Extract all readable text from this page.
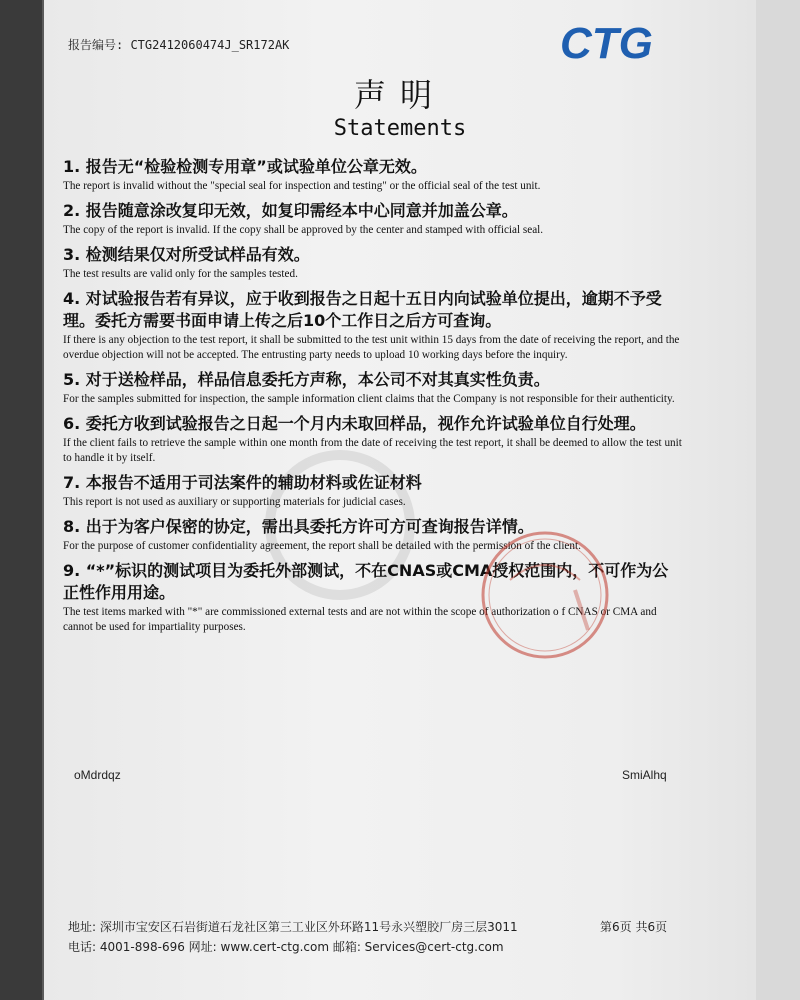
报告编号: CTG2412060474J_SR172AK	CTG
声明
Statements
1. 报告无“检验检测专用章”或试验单位公章无效。
The report is invalid without the "special seal for inspection and testing" or the official seal of the test unit.
2. 报告随意涂改复印无效，如复印需经本中心同意并加盖公章。
The copy of the report is invalid. If the copy shall be approved by the center and stamped with official seal.
3. 检测结果仅对所受试样品有效。
The test results are valid only for the samples tested.
4. 对试验报告若有异议，应于收到报告之日起十五日内向试验单位提出，逾期不予受理。委托方需要书面申请上传之后10个工作日之后方可查询。
If there is any objection to the test report, it shall be submitted to the test unit within 15 days from the date of receiving the report, and the overdue objection will not be accepted. The entrusting party needs to upload 10 working days before the inquiry.
5. 对于送检样品，样品信息委托方声称，本公司不对其真实性负责。
For the samples submitted for inspection, the sample information client claims that the Company is not responsible for their authenticity.
6. 委托方收到试验报告之日起一个月内未取回样品，视作允许试验单位自行处理。
If the client fails to retrieve the sample within one month from the date of receiving the test report, it shall be deemed to allow the test unit to handle it by itself.
7. 本报告不适用于司法案件的辅助材料或佐证材料
This report is not used as auxiliary or supporting materials for judicial cases.
8. 出于为客户保密的协定，需出具委托方许可方可查询报告详情。
For the purpose of customer confidentiality agreement, the report shall be detailed with the permission of the client.
9. “*”标识的测试项目为委托外部测试，不在CNAS或CMA授权范围内，不可作为公正性作用用途。
The test items marked with "*" are commissioned external tests and are not within the scope of authorization o f CNAS or CMA and cannot be used for impartiality purposes.
oMdrdqz	SmiAlhq
地址: 深圳市宝安区石岩街道石龙社区第三工业区外环路11号永兴塑胶厂房三层3011
电话: 4001-898-696 网址: www.cert-ctg.com 邮箱: Services@cert-ctg.com
第6页 共6页
